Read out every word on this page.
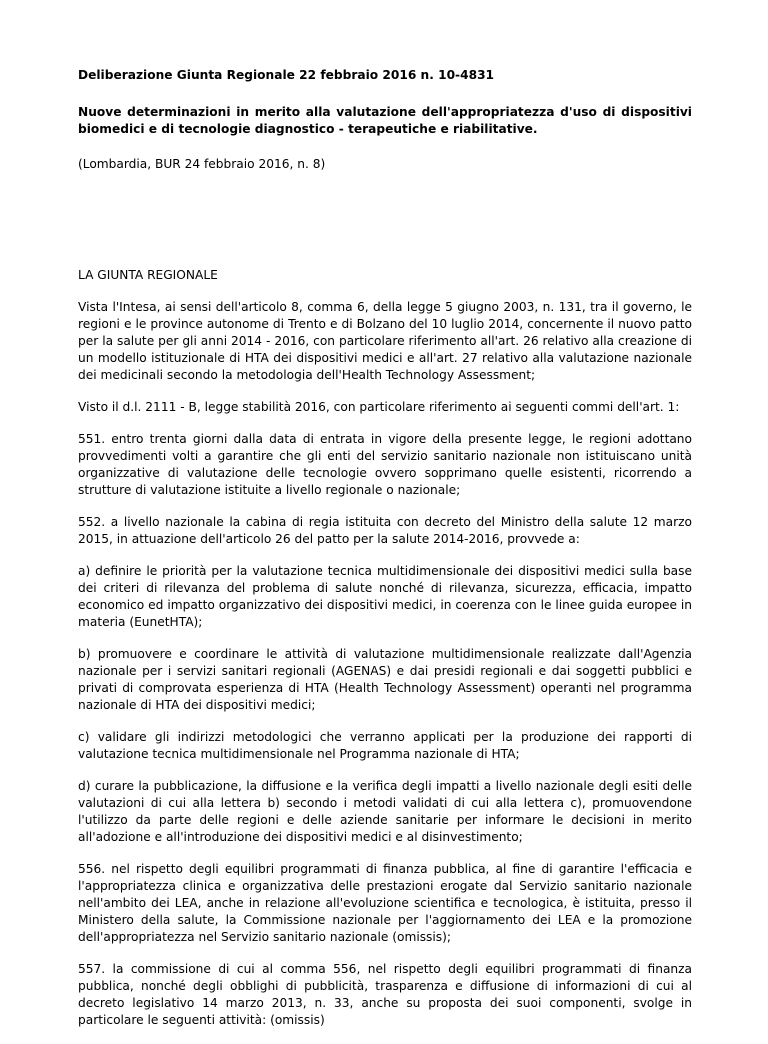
Deliberazione Giunta Regionale 22 febbraio 2016 n. 10-4831

Nuove determinazioni in merito alla valutazione dell'appropriatezza d'uso di dispositivi biomedici e di tecnologie diagnostico - terapeutiche e riabilitative.

(Lombardia, BUR 24 febbraio 2016, n. 8)

LA GIUNTA REGIONALE

Vista l'Intesa, ai sensi dell'articolo 8, comma 6, della legge 5 giugno 2003, n. 131, tra il governo, le regioni e le province autonome di Trento e di Bolzano del 10 luglio 2014, concernente il nuovo patto per la salute per gli anni 2014 - 2016, con particolare riferimento all'art. 26 relativo alla creazione di un modello istituzionale di HTA dei dispositivi medici e all'art. 27 relativo alla valutazione nazionale dei medicinali secondo la metodologia dell'Health Technology Assessment;

Visto il d.l. 2111 - B, legge stabilità 2016, con particolare riferimento ai seguenti commi dell'art. 1:

551. entro trenta giorni dalla data di entrata in vigore della presente legge, le regioni adottano provvedimenti volti a garantire che gli enti del servizio sanitario nazionale non istituiscano unità organizzative di valutazione delle tecnologie ovvero sopprimano quelle esistenti, ricorrendo a strutture di valutazione istituite a livello regionale o nazionale;

552. a livello nazionale la cabina di regia istituita con decreto del Ministro della salute 12 marzo 2015, in attuazione dell'articolo 26 del patto per la salute 2014-2016, provvede a:

a) definire le priorità per la valutazione tecnica multidimensionale dei dispositivi medici sulla base dei criteri di rilevanza del problema di salute nonché di rilevanza, sicurezza, efficacia, impatto economico ed impatto organizzativo dei dispositivi medici, in coerenza con le linee guida europee in materia (EunetHTA);

b) promuovere e coordinare le attività di valutazione multidimensionale realizzate dall'Agenzia nazionale per i servizi sanitari regionali (AGENAS) e dai presidi regionali e dai soggetti pubblici e privati di comprovata esperienza di HTA (Health Technology Assessment) operanti nel programma nazionale di HTA dei dispositivi medici;

c) validare gli indirizzi metodologici che verranno applicati per la produzione dei rapporti di valutazione tecnica multidimensionale nel Programma nazionale di HTA;

d) curare la pubblicazione, la diffusione e la verifica degli impatti a livello nazionale degli esiti delle valutazioni di cui alla lettera b) secondo i metodi validati di cui alla lettera c), promuovendone l'utilizzo da parte delle regioni e delle aziende sanitarie per informare le decisioni in merito all'adozione e all'introduzione dei dispositivi medici e al disinvestimento;

556. nel rispetto degli equilibri programmati di finanza pubblica, al fine di garantire l'efficacia e l'appropriatezza clinica e organizzativa delle prestazioni erogate dal Servizio sanitario nazionale nell'ambito dei LEA, anche in relazione all'evoluzione scientifica e tecnologica, è istituita, presso il Ministero della salute, la Commissione nazionale per l'aggiornamento dei LEA e la promozione dell'appropriatezza nel Servizio sanitario nazionale (omissis);

557. la commissione di cui al comma 556, nel rispetto degli equilibri programmati di finanza pubblica, nonché degli obblighi di pubblicità, trasparenza e diffusione di informazioni di cui al decreto legislativo 14 marzo 2013, n. 33, anche su proposta dei suoi componenti, svolge in particolare le seguenti attività: (omissis)
